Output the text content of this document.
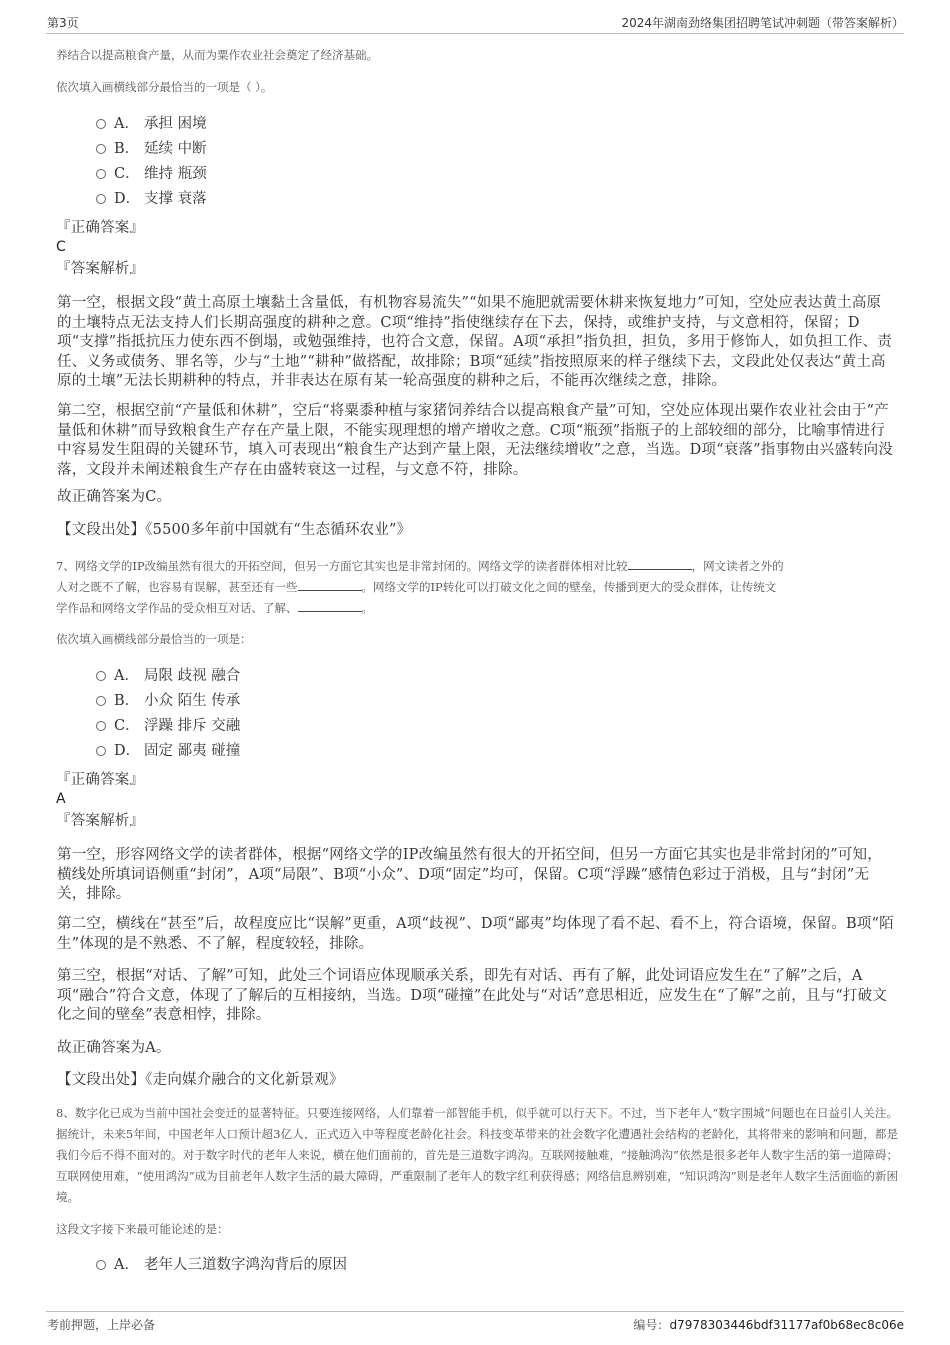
第3页	2024年湖南劲络集团招聘笔试冲刺题（带答案解析）

养结合以提高粮食产量，从而为粟作农业社会奠定了经济基础。

依次填入画横线部分最恰当的一项是（ ）。

A． 承担 困境
B． 延续 中断
C． 维持 瓶颈
D． 支撑 衰落
『正确答案』
C
『答案解析』

第一空，根据文段“黄土高原土壤黏土含量低，有机物容易流失”“如果不施肥就需要休耕来恢复地力”可知，空处应表达黄土高原的土壤特点无法支持人们长期高强度的耕种之意。C项“维持”指使继续存在下去，保持，或维护支持，与文意相符，保留；D项“支撑”指抵抗压力使东西不倒塌，或勉强维持，也符合文意，保留。A项“承担”指负担，担负，多用于修饰人，如负担工作、责任、义务或债务、罪名等，少与“土地”“耕种”做搭配，故排除；B项“延续”指按照原来的样子继续下去，文段此处仅表达“黄土高原的土壤”无法长期耕种的特点，并非表达在原有某一轮高强度的耕种之后，不能再次继续之意，排除。

第二空，根据空前“产量低和休耕”，空后“将粟黍种植与家猪饲养结合以提高粮食产量”可知，空处应体现出粟作农业社会由于“产量低和休耕”而导致粮食生产存在产量上限，不能实现理想的增产增收之意。C项“瓶颈”指瓶子的上部较细的部分，比喻事情进行中容易发生阻碍的关键环节，填入可表现出“粮食生产达到产量上限，无法继续增收”之意，当选。D项“衰落”指事物由兴盛转向没落，文段并未阐述粮食生产存在由盛转衰这一过程，与文意不符，排除。

故正确答案为C。

【文段出处】《5500多年前中国就有“生态循环农业”》

7、网络文学的IP改编虽然有很大的开拓空间，但另一方面它其实也是非常封闭的。网络文学的读者群体相对比较	，网文读者之外的

人对之既不了解，也容易有误解，甚至还有一些	。网络文学的IP转化可以打破文化之间的壁垒，传播到更大的受众群体，让传统文

学作品和网络文学作品的受众相互对话、了解、	。

依次填入画横线部分最恰当的一项是：

A． 局限 歧视 融合
B． 小众 陌生 传承
C． 浮躁 排斥 交融
D． 固定 鄙夷 碰撞
『正确答案』
A
『答案解析』

第一空，形容网络文学的读者群体，根据“网络文学的IP改编虽然有很大的开拓空间，但另一方面它其实也是非常封闭的”可知，横线处所填词语侧重“封闭”，A项“局限”、B项“小众”、D项“固定”均可，保留。C项“浮躁”感情色彩过于消极，且与“封闭”无关，排除。

第二空，横线在“甚至”后，故程度应比“误解”更重，A项“歧视”、D项“鄙夷”均体现了看不起、看不上，符合语境，保留。B项“陌生”体现的是不熟悉、不了解，程度较轻，排除。

第三空，根据“对话、了解”可知，此处三个词语应体现顺承关系，即先有对话、再有了解，此处词语应发生在“了解”之后，A项“融合”符合文意，体现了了解后的互相接纳，当选。D项“碰撞”在此处与“对话”意思相近，应发生在“了解”之前，且与“打破文化之间的壁垒”表意相悖，排除。

故正确答案为A。

【文段出处】《走向媒介融合的文化新景观》

8、数字化已成为当前中国社会变迁的显著特征。只要连接网络，人们靠着一部智能手机，似乎就可以行天下。不过，当下老年人“数字围城”问题也在日益引人关注。据统计，未来5年间，中国老年人口预计超3亿人，正式迈入中等程度老龄化社会。科技变革带来的社会数字化遭遇社会结构的老龄化，其将带来的影响和问题，都是我们今后不得不面对的。对于数字时代的老年人来说，横在他们面前的，首先是三道数字鸿沟。互联网接触难，“接触鸿沟”依然是很多老年人数字生活的第一道障碍；互联网使用难，“使用鸿沟”成为目前老年人数字生活的最大障碍，严重限制了老年人的数字红利获得感；网络信息辨别难，“知识鸿沟”则是老年人数字生活面临的新困境。

这段文字接下来最可能论述的是：

A． 老年人三道数字鸿沟背后的原因
考前押题，上岸必备	编号：d7978303446bdf31177af0b68ec8c06e
